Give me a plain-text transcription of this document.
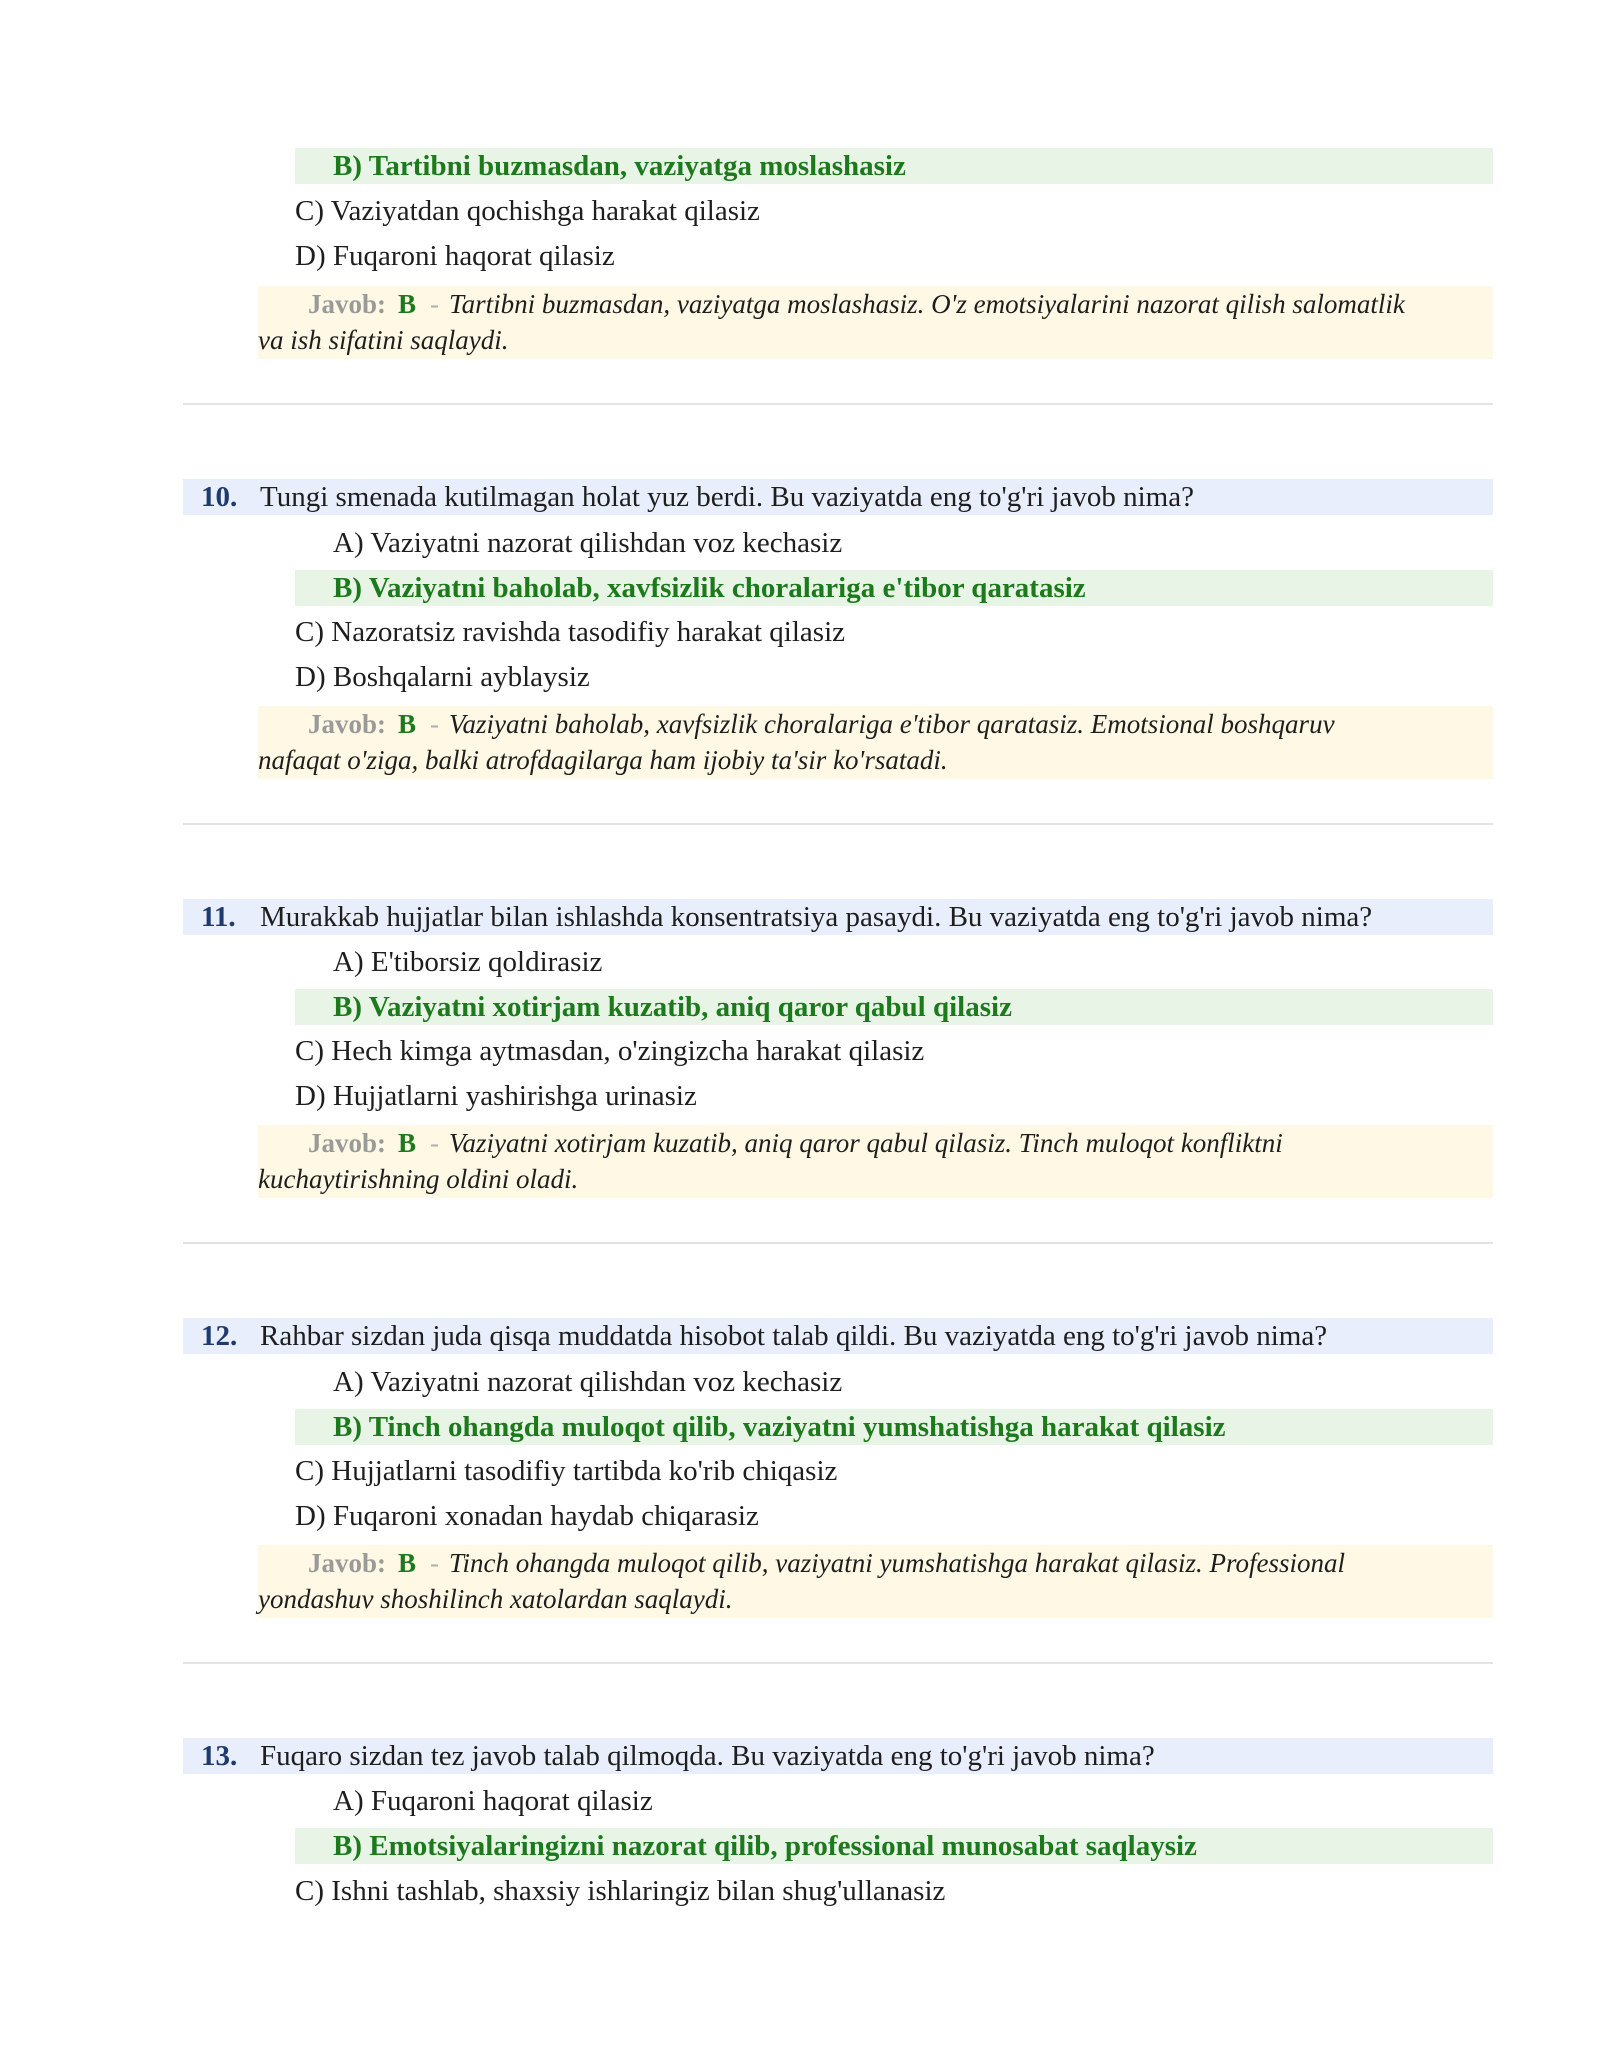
B) Tartibni buzmasdan, vaziyatga moslashasiz
C) Vaziyatdan qochishga harakat qilasiz
D) Fuqaroni haqorat qilasiz
Javob: B - Tartibni buzmasdan, vaziyatga moslashasiz. O'z emotsiyalarini nazorat qilish salomatlik
va ish sifatini saqlaydi.
10. Tungi smenada kutilmagan holat yuz berdi. Bu vaziyatda eng to'g'ri javob nima?
A) Vaziyatni nazorat qilishdan voz kechasiz
B) Vaziyatni baholab, xavfsizlik choralariga e'tibor qaratasiz
C) Nazoratsiz ravishda tasodifiy harakat qilasiz
D) Boshqalarni ayblaysiz
Javob: B - Vaziyatni baholab, xavfsizlik choralariga e'tibor qaratasiz. Emotsional boshqaruv
nafaqat o'ziga, balki atrofdagilarga ham ijobiy ta'sir ko'rsatadi.
11. Murakkab hujjatlar bilan ishlashda konsentratsiya pasaydi. Bu vaziyatda eng to'g'ri javob nima?
A) E'tiborsiz qoldirasiz
B) Vaziyatni xotirjam kuzatib, aniq qaror qabul qilasiz
C) Hech kimga aytmasdan, o'zingizcha harakat qilasiz
D) Hujjatlarni yashirishga urinasiz
Javob: B - Vaziyatni xotirjam kuzatib, aniq qaror qabul qilasiz. Tinch muloqot konfliktni
kuchaytirishning oldini oladi.
12. Rahbar sizdan juda qisqa muddatda hisobot talab qildi. Bu vaziyatda eng to'g'ri javob nima?
A) Vaziyatni nazorat qilishdan voz kechasiz
B) Tinch ohangda muloqot qilib, vaziyatni yumshatishga harakat qilasiz
C) Hujjatlarni tasodifiy tartibda ko'rib chiqasiz
D) Fuqaroni xonadan haydab chiqarasiz
Javob: B - Tinch ohangda muloqot qilib, vaziyatni yumshatishga harakat qilasiz. Professional
yondashuv shoshilinch xatolardan saqlaydi.
13. Fuqaro sizdan tez javob talab qilmoqda. Bu vaziyatda eng to'g'ri javob nima?
A) Fuqaroni haqorat qilasiz
B) Emotsiyalaringizni nazorat qilib, professional munosabat saqlaysiz
C) Ishni tashlab, shaxsiy ishlaringiz bilan shug'ullanasiz
